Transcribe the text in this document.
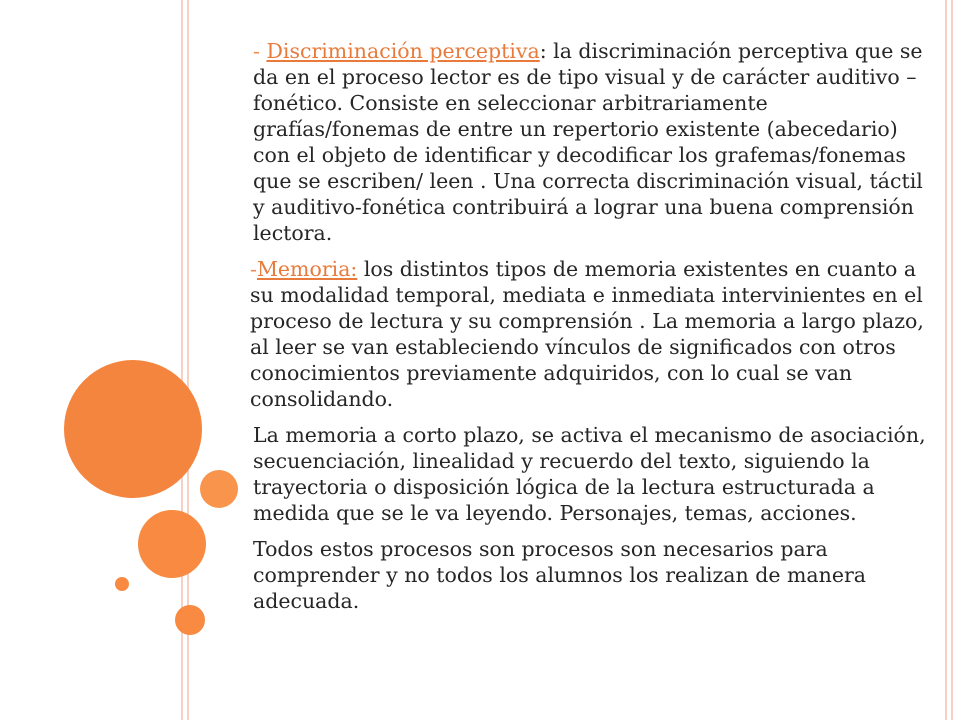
- Discriminación perceptiva: la discriminación perceptiva que se da en el proceso lector es de tipo visual y de carácter auditivo – fonético. Consiste en seleccionar arbitrariamente grafías/fonemas de entre un repertorio existente (abecedario) con el objeto de identificar y decodificar los grafemas/fonemas que se escriben/ leen . Una correcta discriminación visual, táctil y auditivo-fonética contribuirá a lograr una buena comprensión lectora.

-Memoria: los distintos tipos de memoria existentes en cuanto a su modalidad temporal, mediata e inmediata intervinientes en el proceso de lectura y su comprensión . La memoria a largo plazo, al leer se van estableciendo vínculos de significados con otros conocimientos previamente adquiridos, con lo cual se van consolidando.

La memoria a corto plazo, se activa el mecanismo de asociación, secuenciación, linealidad y recuerdo del texto, siguiendo la trayectoria o disposición lógica de la lectura estructurada a medida que se le va leyendo. Personajes, temas, acciones.

Todos estos procesos son procesos son necesarios para comprender y no todos los alumnos los realizan de manera adecuada.
